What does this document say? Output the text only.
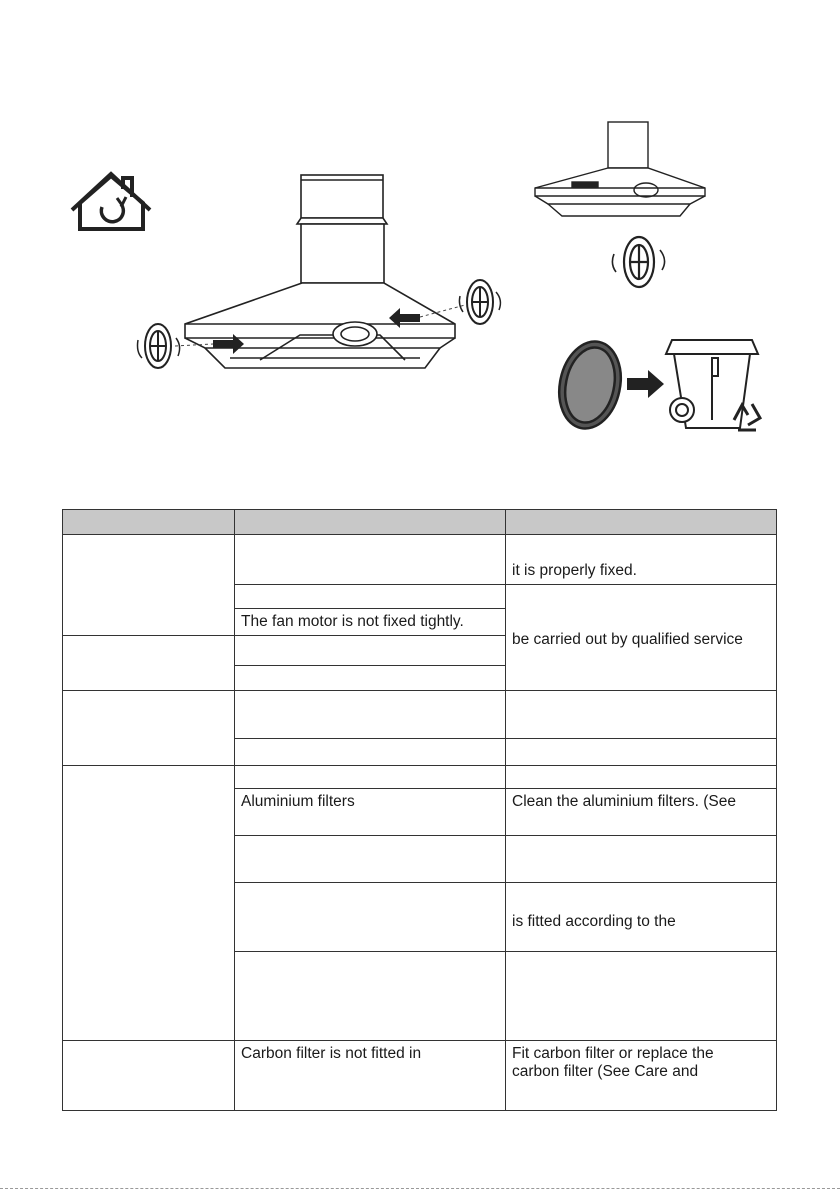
		it is properly fixed.

		be carried out by qualified service

	The fan motor is not fixed tightly.	

	Aluminium filters	Clean the aluminium filters. (See

		is fitted according to the

	Carbon filter is not fitted in	Fit carbon filter or replace the
carbon filter (See Care and
